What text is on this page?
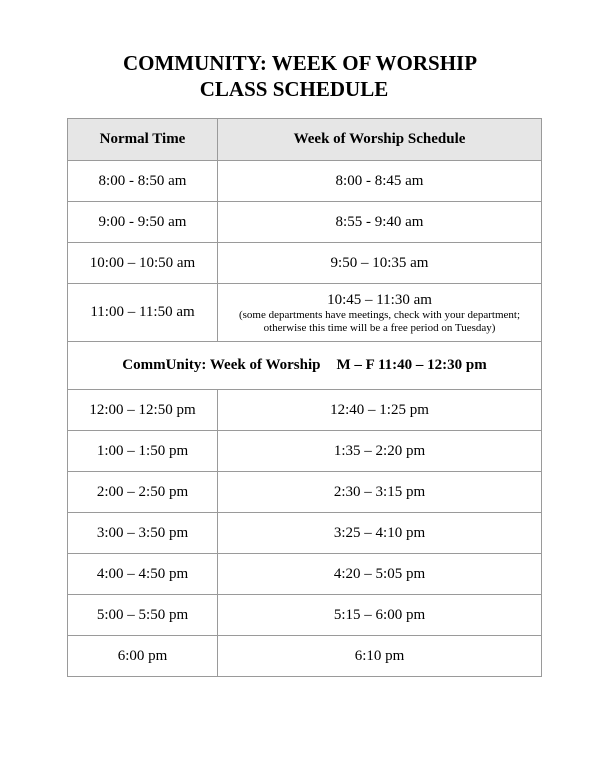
COMMUNITY: WEEK OF WORSHIP
CLASS SCHEDULE
Normal Time	Week of Worship Schedule
8:00 - 8:50 am	8:00 - 8:45 am
9:00 - 9:50 am	8:55 - 9:40 am
10:00 – 10:50 am	9:50 – 10:35 am
11:00 – 11:50 am	10:45 – 11:30 am
(some departments have meetings, check with your department;
otherwise this time will be a free period on Tuesday)

CommUnity: Week of Worship M – F 11:40 – 12:30 pm	
12:00 – 12:50 pm	12:40 – 1:25 pm
1:00 – 1:50 pm	1:35 – 2:20 pm
2:00 – 2:50 pm	2:30 – 3:15 pm
3:00 – 3:50 pm	3:25 – 4:10 pm
4:00 – 4:50 pm	4:20 – 5:05 pm
5:00 – 5:50 pm	5:15 – 6:00 pm
6:00 pm	6:10 pm
